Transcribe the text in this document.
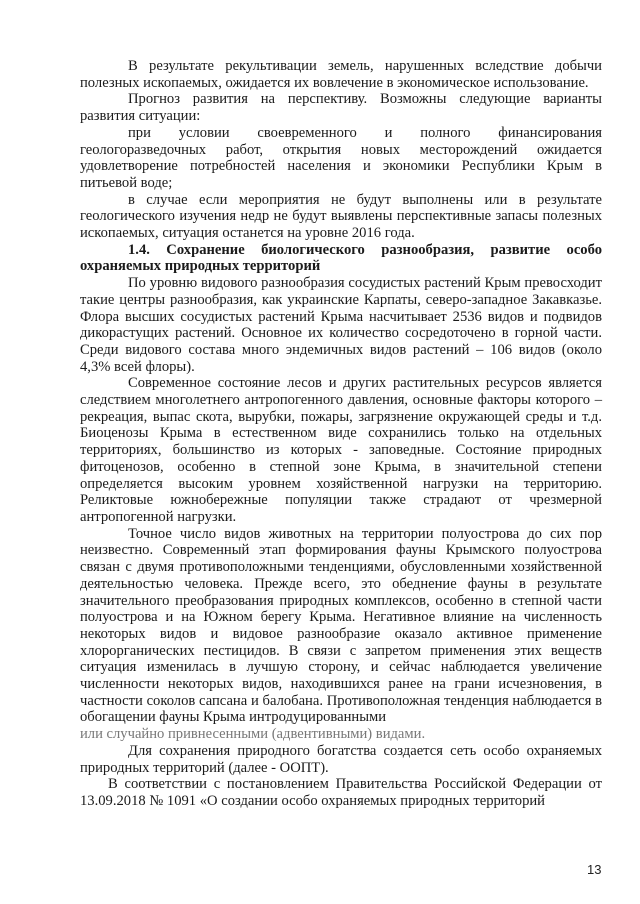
В результате рекультивации земель, нарушенных вследствие добычи полезных ископаемых, ожидается их вовлечение в экономическое использование.

Прогноз развития на перспективу. Возможны следующие варианты развития ситуации:

при условии своевременного и полного финансирования геологоразведочных работ, открытия новых месторождений ожидается удовлетворение потребностей населения и экономики Республики Крым в питьевой воде;

в случае если мероприятия не будут выполнены или в результате геологического изучения недр не будут выявлены перспективные запасы полезных ископаемых, ситуация останется на уровне 2016 года.

1.4. Сохранение биологического разнообразия, развитие особо охраняемых природных территорий

По уровню видового разнообразия сосудистых растений Крым превосходит такие центры разнообразия, как украинские Карпаты, северо-западное Закавказье. Флора высших сосудистых растений Крыма насчитывает 2536 видов и подвидов дикорастущих растений. Основное их количество сосредоточено в горной части. Среди видового состава много эндемичных видов растений – 106 видов (около 4,3% всей флоры).

Современное состояние лесов и других растительных ресурсов является следствием многолетнего антропогенного давления, основные факторы которого – рекреация, выпас скота, вырубки, пожары, загрязнение окружающей среды и т.д. Биоценозы Крыма в естественном виде сохранились только на отдельных территориях, большинство из которых - заповедные. Состояние природных фитоценозов, особенно в степной зоне Крыма, в значительной степени определяется высоким уровнем хозяйственной нагрузки на территорию. Реликтовые южнобережные популяции также страдают от чрезмерной антропогенной нагрузки.

Точное число видов животных на территории полуострова до сих пор неизвестно. Современный этап формирования фауны Крымского полуострова связан с двумя противоположными тенденциями, обусловленными хозяйственной деятельностью человека. Прежде всего, это обеднение фауны в результате значительного преобразования природных комплексов, особенно в степной части полуострова и на Южном берегу Крыма. Негативное влияние на численность некоторых видов и видовое разнообразие оказало активное применение хлорорганических пестицидов. В связи с запретом применения этих веществ ситуация изменилась в лучшую сторону, и сейчас наблюдается увеличение численности некоторых видов, находившихся ранее на грани исчезновения, в частности соколов сапсана и балобана. Противоположная тенденция наблюдается в обогащении фауны Крыма интродуцированными

или случайно привнесенными (адвентивными) видами.

Для сохранения природного богатства создается сеть особо охраняемых природных территорий (далее - ООПТ).

В соответствии с постановлением Правительства Российской Федерации от 13.09.2018 № 1091 «О создании особо охраняемых природных территорий

13
